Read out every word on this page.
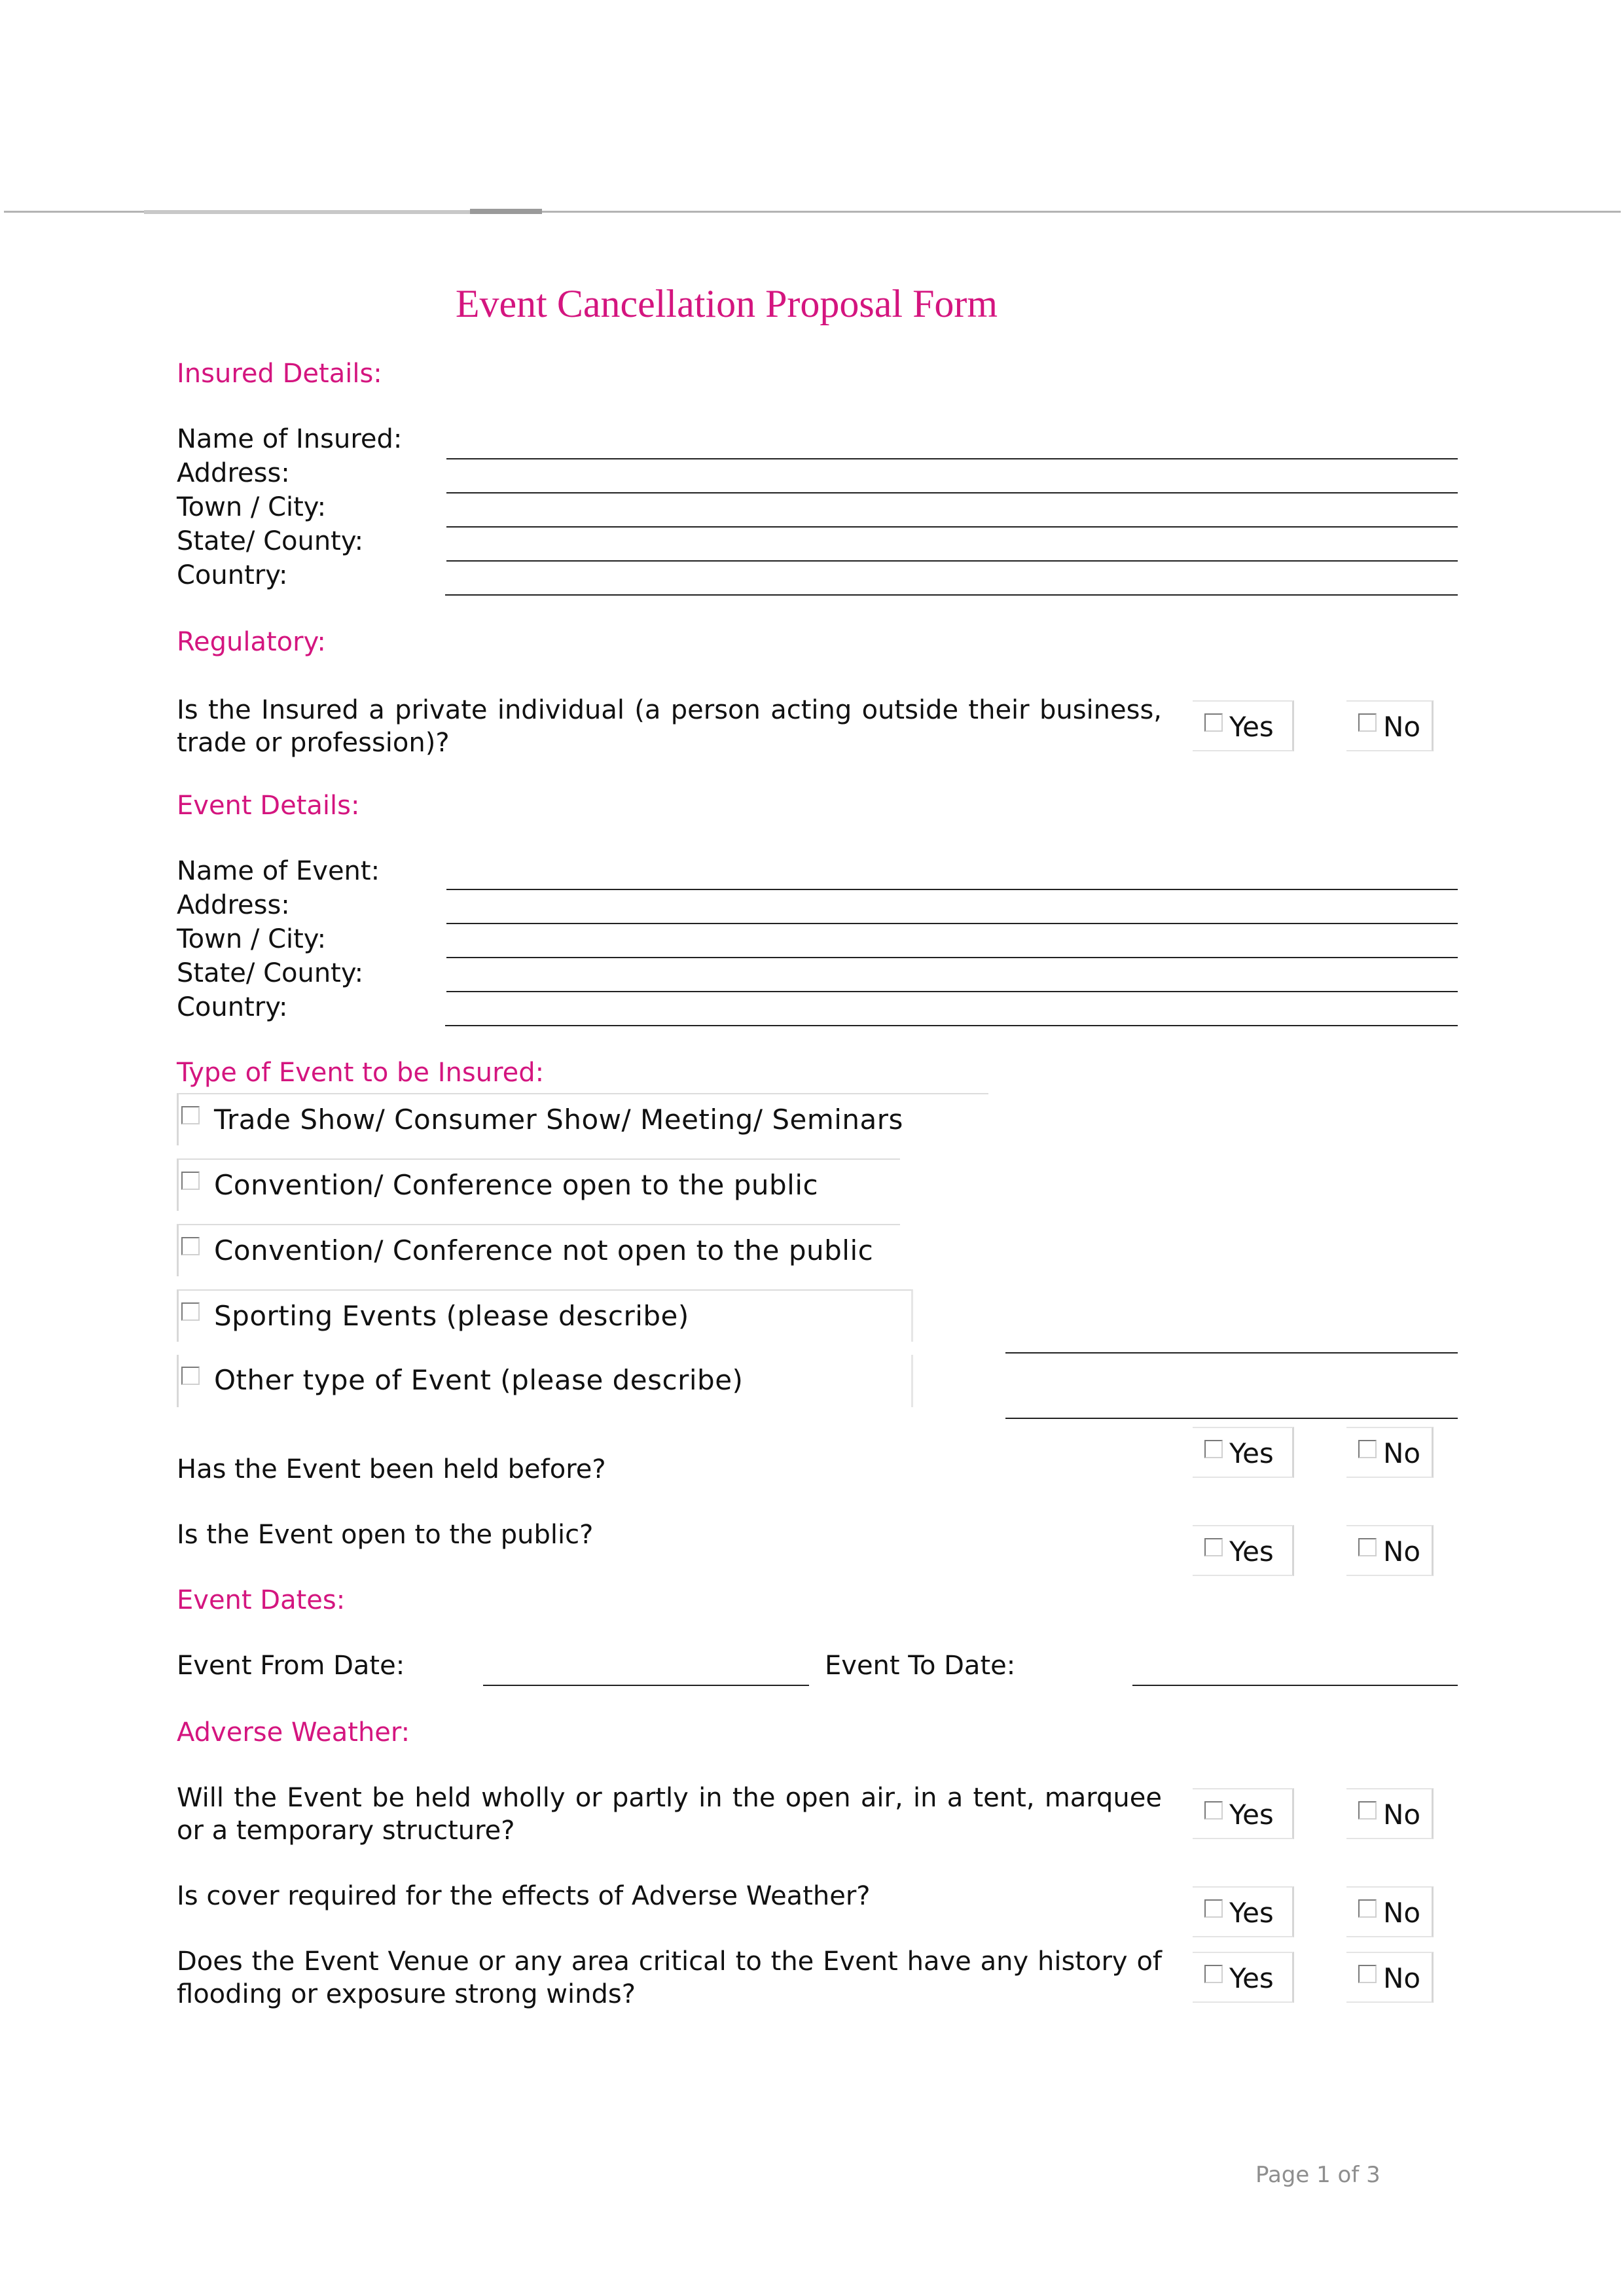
Event Cancellation Proposal Form
Insured Details:
Name of Insured:
Address:
Town / City:
State/ County:
Country:
Regulatory:
Is the Insured a private individual (a person acting outside their business, trade or profession)?	Yes	No
Event Details:
Name of Event:
Address:
Town / City:
State/ County:
Country:
Type of Event to be Insured:
Trade Show/ Consumer Show/ Meeting/ Seminars
Convention/ Conference open to the public
Convention/ Conference not open to the public
Sporting Events (please describe)
Other type of Event (please describe)
Has the Event been held before?	Yes	No
Is the Event open to the public?
Yes	No
Event Dates:
Event From Date:	Event To Date:
Adverse Weather:
Will the Event be held wholly or partly in the open air, in a tent, marquee or a temporary structure?	Yes	No
Is cover required for the effects of Adverse Weather?
Yes	No
Does the Event Venue or any area critical to the Event have any history of flooding or exposure strong winds?	Yes	No
Page 1 of 3
